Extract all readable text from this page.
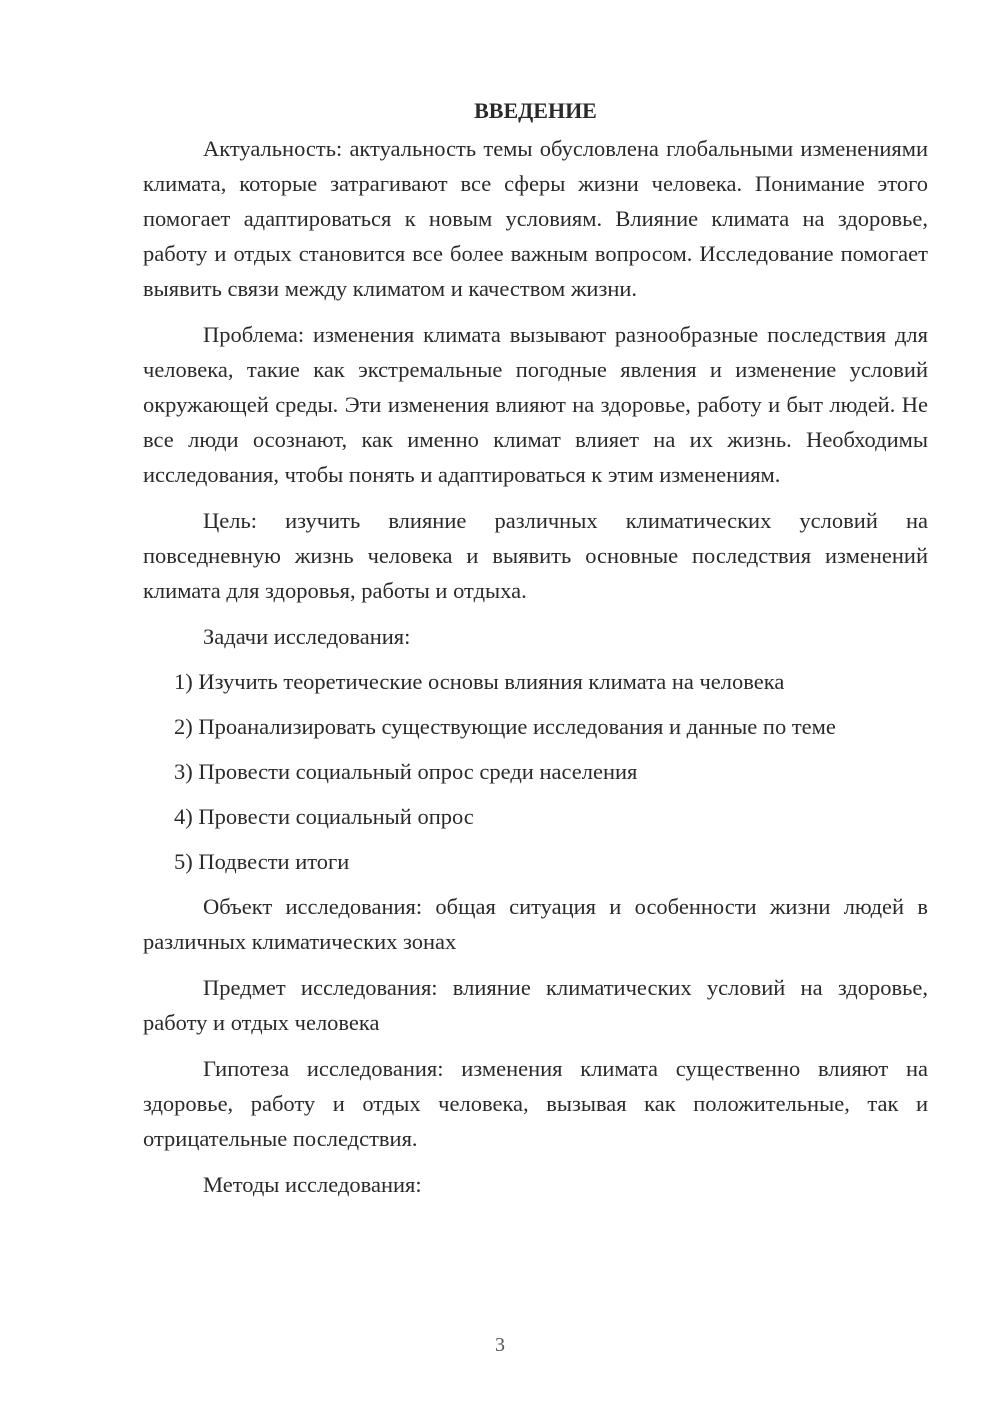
ВВЕДЕНИЕ

Актуальность: актуальность темы обусловлена глобальными изменениями климата, которые затрагивают все сферы жизни человека. Понимание этого помогает адаптироваться к новым условиям. Влияние климата на здоровье, работу и отдых становится все более важным вопросом. Исследование помогает выявить связи между климатом и качеством жизни.

Проблема: изменения климата вызывают разнообразные последствия для человека, такие как экстремальные погодные явления и изменение условий окружающей среды. Эти изменения влияют на здоровье, работу и быт людей. Не все люди осознают, как именно климат влияет на их жизнь. Необходимы исследования, чтобы понять и адаптироваться к этим изменениям.

Цель: изучить влияние различных климатических условий на повседневную жизнь человека и выявить основные последствия изменений климата для здоровья, работы и отдыха.

Задачи исследования:

1) Изучить теоретические основы влияния климата на человека
2) Проанализировать существующие исследования и данные по теме
3) Провести социальный опрос среди населения
4) Провести социальный опрос
5) Подвести итоги

Объект исследования: общая ситуация и особенности жизни людей в различных климатических зонах

Предмет исследования: влияние климатических условий на здоровье, работу и отдых человека

Гипотеза исследования: изменения климата существенно влияют на здоровье, работу и отдых человека, вызывая как положительные, так и отрицательные последствия.

Методы исследования:

3
